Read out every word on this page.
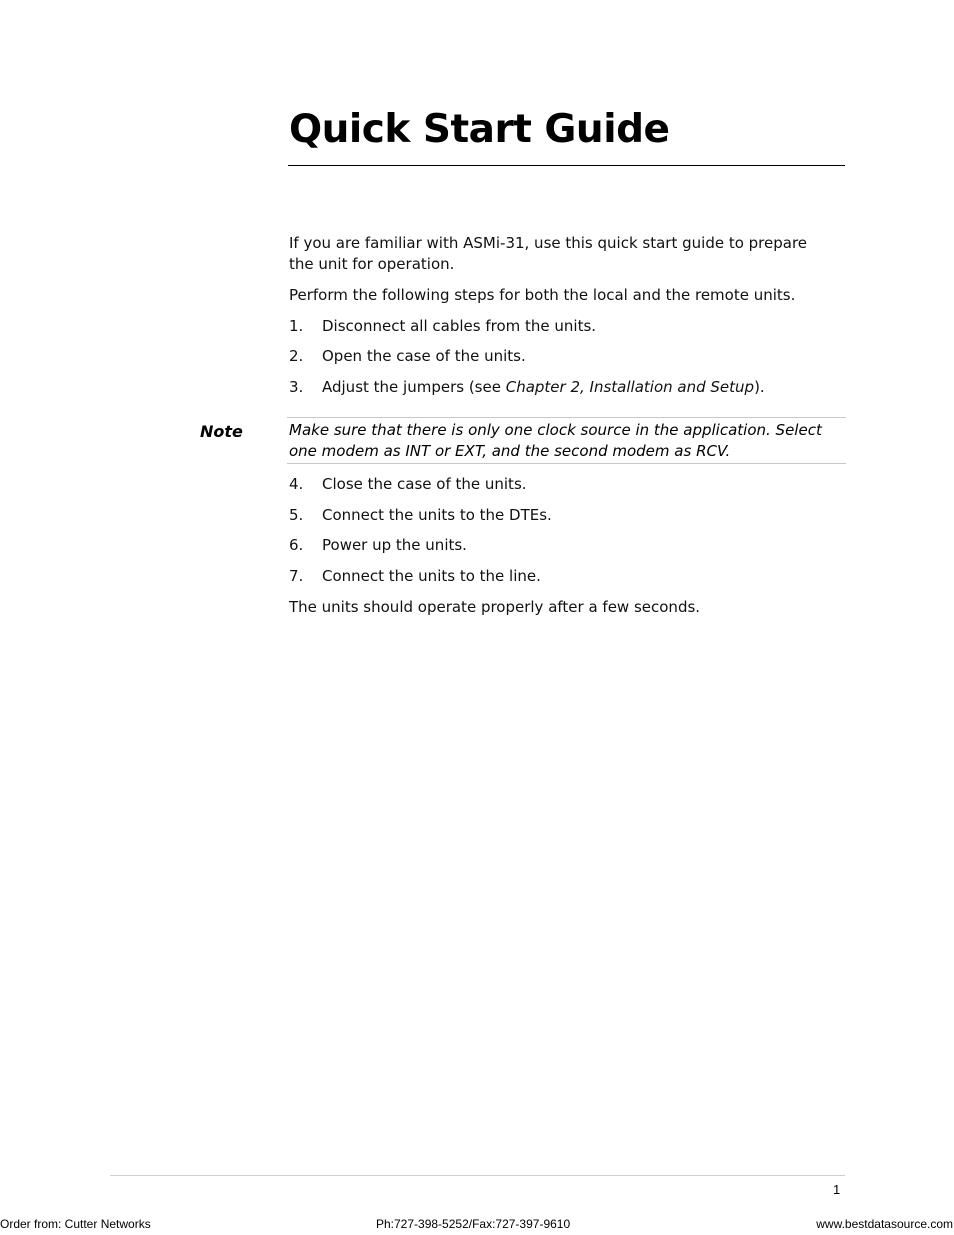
Quick Start Guide

If you are familiar with ASMi-31, use this quick start guide to prepare the unit for operation.

Perform the following steps for both the local and the remote units.

1. Disconnect all cables from the units.
2. Open the case of the units.
3. Adjust the jumpers (see Chapter 2, Installation and Setup).
Note	Make sure that there is only one clock source in the application. Select one modem as INT or EXT, and the second modem as RCV.

4. Close the case of the units.
5. Connect the units to the DTEs.
6. Power up the units.
7. Connect the units to the line.

The units should operate properly after a few seconds.

1
Order from: Cutter Networks	Ph:727-398-5252/Fax:727-397-9610	www.bestdatasource.com
